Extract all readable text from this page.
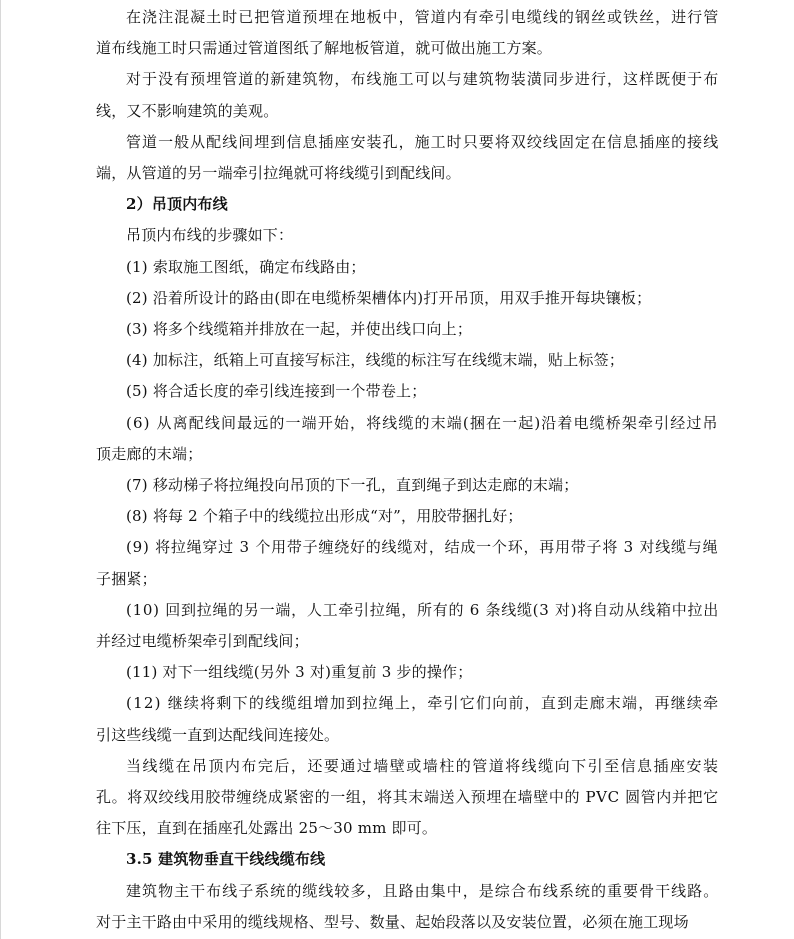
在浇注混凝土时已把管道预埋在地板中，管道内有牵引电缆线的钢丝或铁丝，进行管
道布线施工时只需通过管道图纸了解地板管道，就可做出施工方案。
对于没有预埋管道的新建筑物，布线施工可以与建筑物装潢同步进行，这样既便于布
线，又不影响建筑的美观。
管道一般从配线间埋到信息插座安装孔，施工时只要将双绞线固定在信息插座的接线
端，从管道的另一端牵引拉绳就可将线缆引到配线间。
2）吊顶内布线
吊顶内布线的步骤如下：
(1) 索取施工图纸，确定布线路由；
(2) 沿着所设计的路由(即在电缆桥架槽体内)打开吊顶，用双手推开每块镶板；
(3) 将多个线缆箱并排放在一起，并使出线口向上；
(4) 加标注，纸箱上可直接写标注，线缆的标注写在线缆末端，贴上标签；
(5) 将合适长度的牵引线连接到一个带卷上；
(6) 从离配线间最远的一端开始，将线缆的末端(捆在一起)沿着电缆桥架牵引经过吊
顶走廊的末端；
(7) 移动梯子将拉绳投向吊顶的下一孔，直到绳子到达走廊的末端；
(8) 将每 2 个箱子中的线缆拉出形成“对”，用胶带捆扎好；
(9) 将拉绳穿过 3 个用带子缠绕好的线缆对，结成一个环，再用带子将 3 对线缆与绳
子捆紧；
(10) 回到拉绳的另一端，人工牵引拉绳，所有的 6 条线缆(3 对)将自动从线箱中拉出
并经过电缆桥架牵引到配线间；
(11) 对下一组线缆(另外 3 对)重复前 3 步的操作；
(12) 继续将剩下的线缆组增加到拉绳上，牵引它们向前，直到走廊末端，再继续牵
引这些线缆一直到达配线间连接处。
当线缆在吊顶内布完后，还要通过墙壁或墙柱的管道将线缆向下引至信息插座安装
孔。将双绞线用胶带缠绕成紧密的一组，将其末端送入预埋在墙壁中的 PVC 圆管内并把它
往下压，直到在插座孔处露出 25～30 mm 即可。
3.5 建筑物垂直干线线缆布线
建筑物主干布线子系统的缆线较多，且路由集中，是综合布线系统的重要骨干线路。
对于主干路由中采用的缆线规格、型号、数量、起始段落以及安装位置，必须在施工现场
